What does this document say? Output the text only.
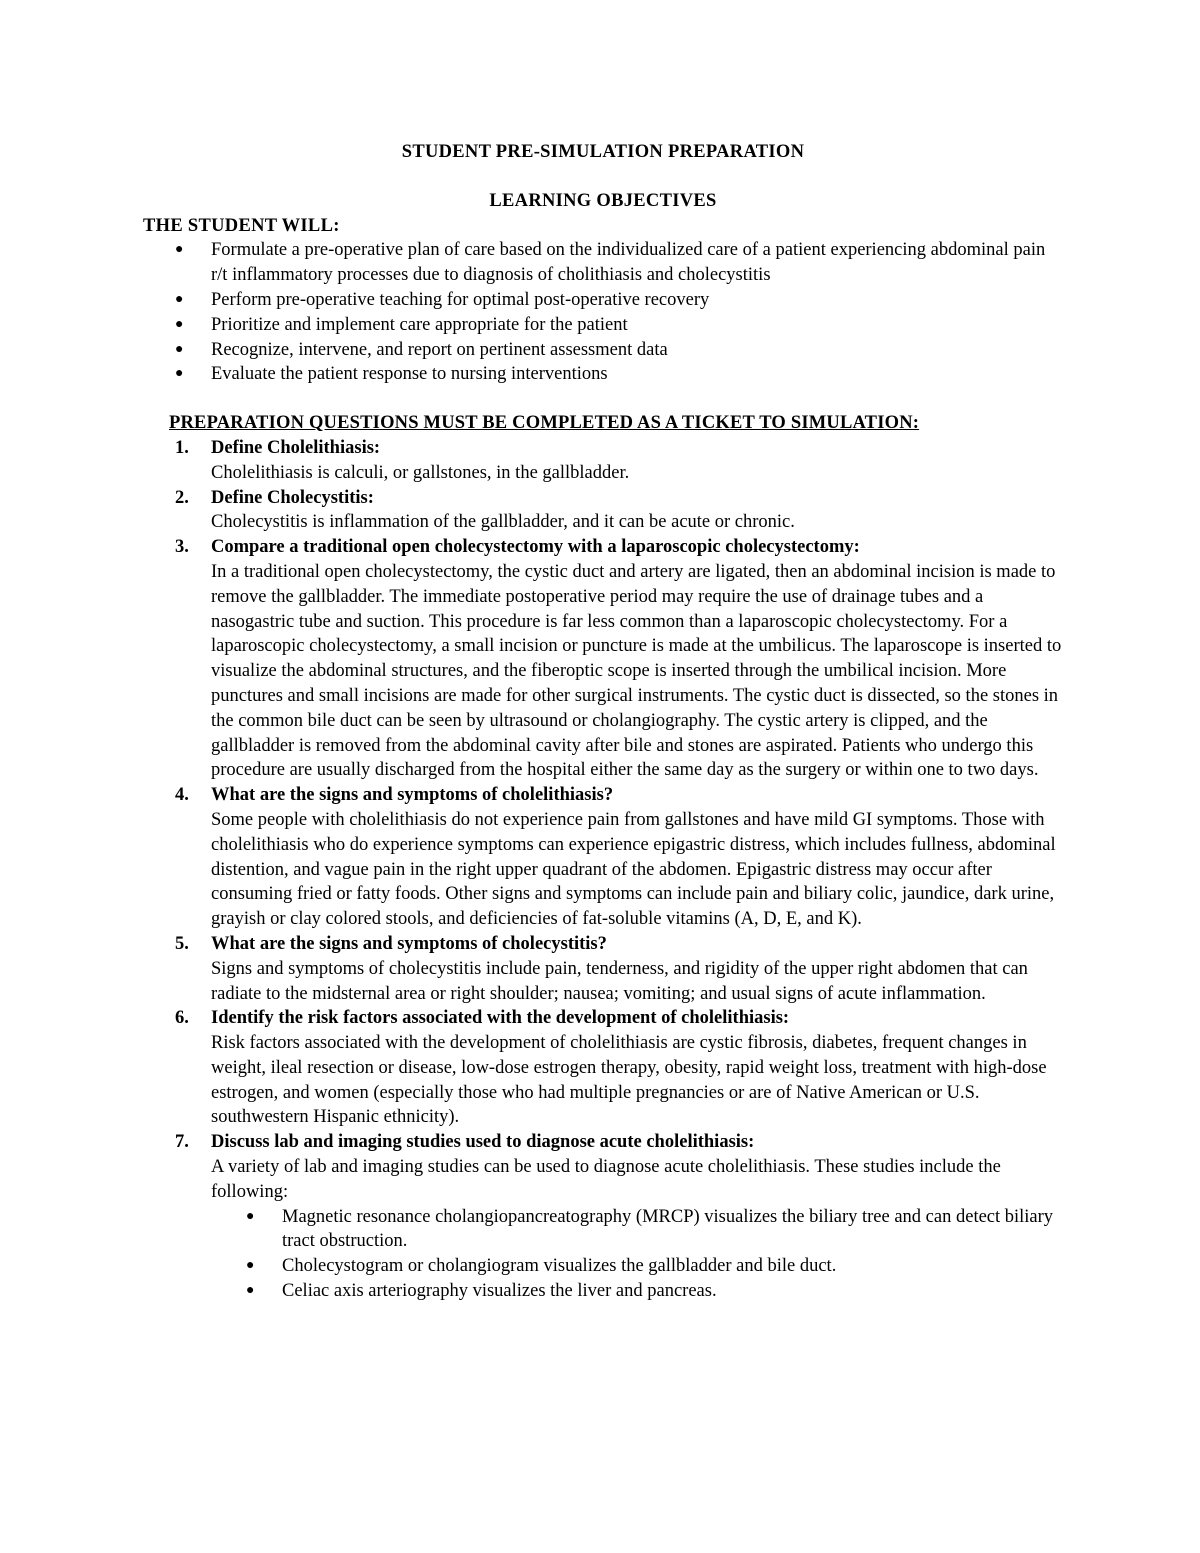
STUDENT PRE-SIMULATION PREPARATION

LEARNING OBJECTIVES

THE STUDENT WILL:

● Formulate a pre-operative plan of care based on the individualized care of a patient experiencing abdominal pain r/t inflammatory processes due to diagnosis of cholithiasis and cholecystitis
● Perform pre-operative teaching for optimal post-operative recovery
● Prioritize and implement care appropriate for the patient
● Recognize, intervene, and report on pertinent assessment data
● Evaluate the patient response to nursing interventions

PREPARATION QUESTIONS MUST BE COMPLETED AS A TICKET TO SIMULATION:

1. Define Cholelithiasis:
Cholelithiasis is calculi, or gallstones, in the gallbladder.
2. Define Cholecystitis:
Cholecystitis is inflammation of the gallbladder, and it can be acute or chronic.
3. Compare a traditional open cholecystectomy with a laparoscopic cholecystectomy:
In a traditional open cholecystectomy, the cystic duct and artery are ligated, then an abdominal incision is made to remove the gallbladder. The immediate postoperative period may require the use of drainage tubes and a nasogastric tube and suction. This procedure is far less common than a laparoscopic cholecystectomy. For a laparoscopic cholecystectomy, a small incision or puncture is made at the umbilicus. The laparoscope is inserted to visualize the abdominal structures, and the fiberoptic scope is inserted through the umbilical incision. More punctures and small incisions are made for other surgical instruments. The cystic duct is dissected, so the stones in the common bile duct can be seen by ultrasound or cholangiography. The cystic artery is clipped, and the gallbladder is removed from the abdominal cavity after bile and stones are aspirated. Patients who undergo this procedure are usually discharged from the hospital either the same day as the surgery or within one to two days.
4. What are the signs and symptoms of cholelithiasis?
Some people with cholelithiasis do not experience pain from gallstones and have mild GI symptoms. Those with cholelithiasis who do experience symptoms can experience epigastric distress, which includes fullness, abdominal distention, and vague pain in the right upper quadrant of the abdomen. Epigastric distress may occur after consuming fried or fatty foods. Other signs and symptoms can include pain and biliary colic, jaundice, dark urine, grayish or clay colored stools, and deficiencies of fat-soluble vitamins (A, D, E, and K).
5. What are the signs and symptoms of cholecystitis?
Signs and symptoms of cholecystitis include pain, tenderness, and rigidity of the upper right abdomen that can radiate to the midsternal area or right shoulder; nausea; vomiting; and usual signs of acute inflammation.
6. Identify the risk factors associated with the development of cholelithiasis:
Risk factors associated with the development of cholelithiasis are cystic fibrosis, diabetes, frequent changes in weight, ileal resection or disease, low-dose estrogen therapy, obesity, rapid weight loss, treatment with high-dose estrogen, and women (especially those who had multiple pregnancies or are of Native American or U.S. southwestern Hispanic ethnicity).
7. Discuss lab and imaging studies used to diagnose acute cholelithiasis:
A variety of lab and imaging studies can be used to diagnose acute cholelithiasis. These studies include the following:
● Magnetic resonance cholangiopancreatography (MRCP) visualizes the biliary tree and can detect biliary tract obstruction.
● Cholecystogram or cholangiogram visualizes the gallbladder and bile duct.
● Celiac axis arteriography visualizes the liver and pancreas.
